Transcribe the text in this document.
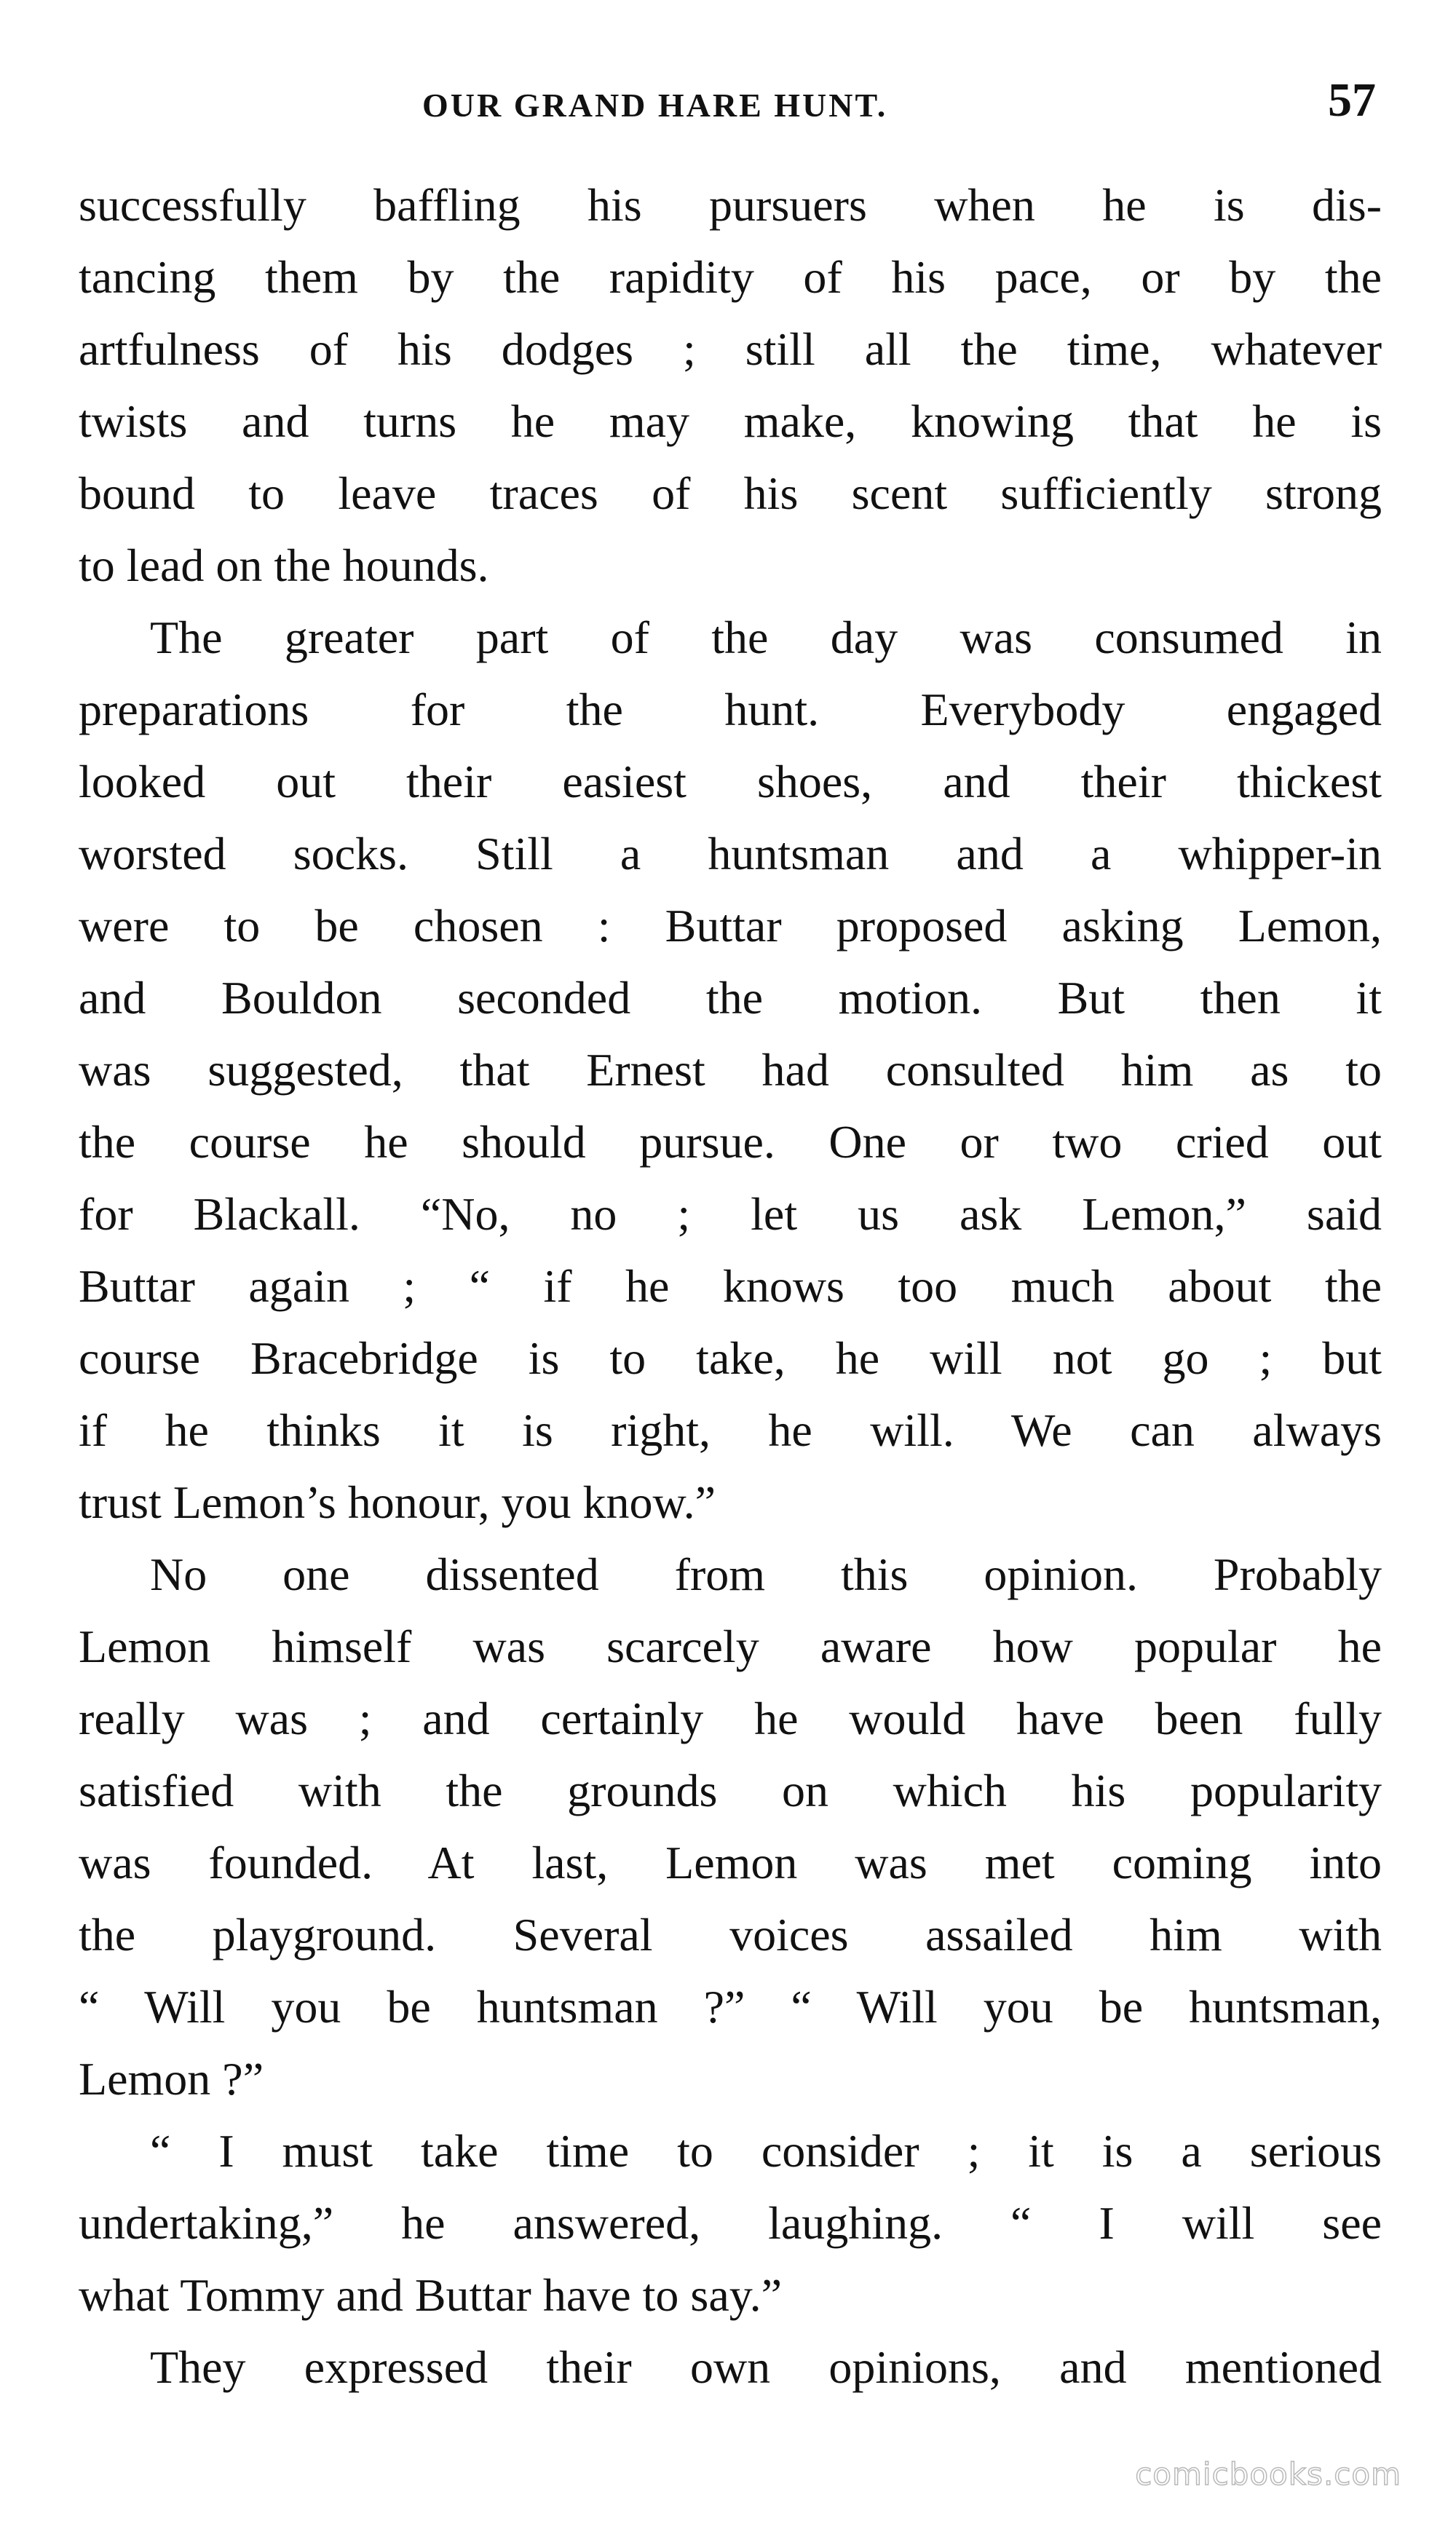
OUR GRAND HARE HUNT.	57

successfully baffling his pursuers when he is dis-
tancing them by the rapidity of his pace, or by the
artfulness of his dodges ; still all the time, whatever
twists and turns he may make, knowing that he is
bound to leave traces of his scent sufficiently strong
to lead on the hounds.

The greater part of the day was consumed in
preparations for the hunt. Everybody engaged
looked out their easiest shoes, and their thickest
worsted socks. Still a huntsman and a whipper-in
were to be chosen : Buttar proposed asking Lemon,
and Bouldon seconded the motion. But then it
was suggested, that Ernest had consulted him as to
the course he should pursue. One or two cried out
for Blackall. “No, no ; let us ask Lemon,” said
Buttar again ; “ if he knows too much about the
course Bracebridge is to take, he will not go ; but
if he thinks it is right, he will. We can always
trust Lemon’s honour, you know.”

No one dissented from this opinion. Probably
Lemon himself was scarcely aware how popular he
really was ; and certainly he would have been fully
satisfied with the grounds on which his popularity
was founded. At last, Lemon was met coming into
the playground. Several voices assailed him with
“ Will you be huntsman ?” “ Will you be huntsman,
Lemon ?”

“ I must take time to consider ; it is a serious
undertaking,” he answered, laughing. “ I will see
what Tommy and Buttar have to say.”

They expressed their own opinions, and mentioned

comicbooks.com
